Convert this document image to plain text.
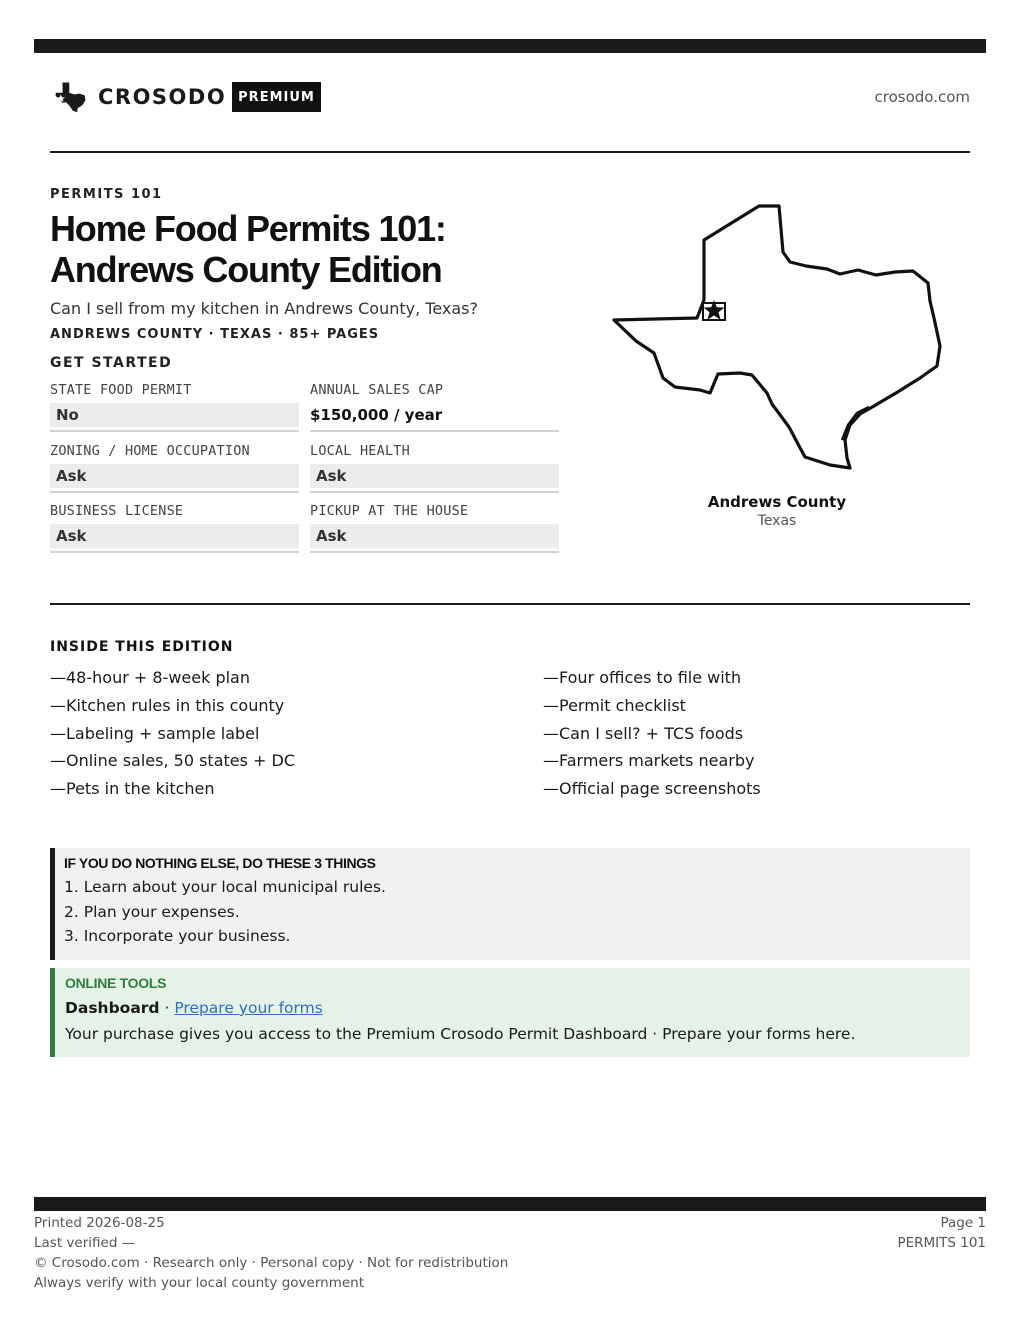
CROSODO PREMIUM	crosodo.com
PERMITS 101
Home Food Permits 101:
Andrews County Edition
Can I sell from my kitchen in Andrews County, Texas?
ANDREWS COUNTY · TEXAS · 85+ PAGES
GET STARTED
STATE FOOD PERMIT
No
ANNUAL SALES CAP
$150,000 / year
ZONING / HOME OCCUPATION
Ask
LOCAL HEALTH
Ask
BUSINESS LICENSE
Ask
PICKUP AT THE HOUSE
Ask
Andrews County
Texas
INSIDE THIS EDITION
—48-hour + 8-week plan
—Kitchen rules in this county
—Labeling + sample label
—Online sales, 50 states + DC
—Pets in the kitchen
—Four offices to file with
—Permit checklist
—Can I sell? + TCS foods
—Farmers markets nearby
—Official page screenshots
IF YOU DO NOTHING ELSE, DO THESE 3 THINGS
1. Learn about your local municipal rules.
2. Plan your expenses.
3. Incorporate your business.
ONLINE TOOLS
Dashboard · Prepare your forms
Your purchase gives you access to the Premium Crosodo Permit Dashboard · Prepare your forms here.
Printed 2026-08-25
Last verified —
© Crosodo.com · Research only · Personal copy · Not for redistribution
Always verify with your local county government
Page 1
PERMITS 101
